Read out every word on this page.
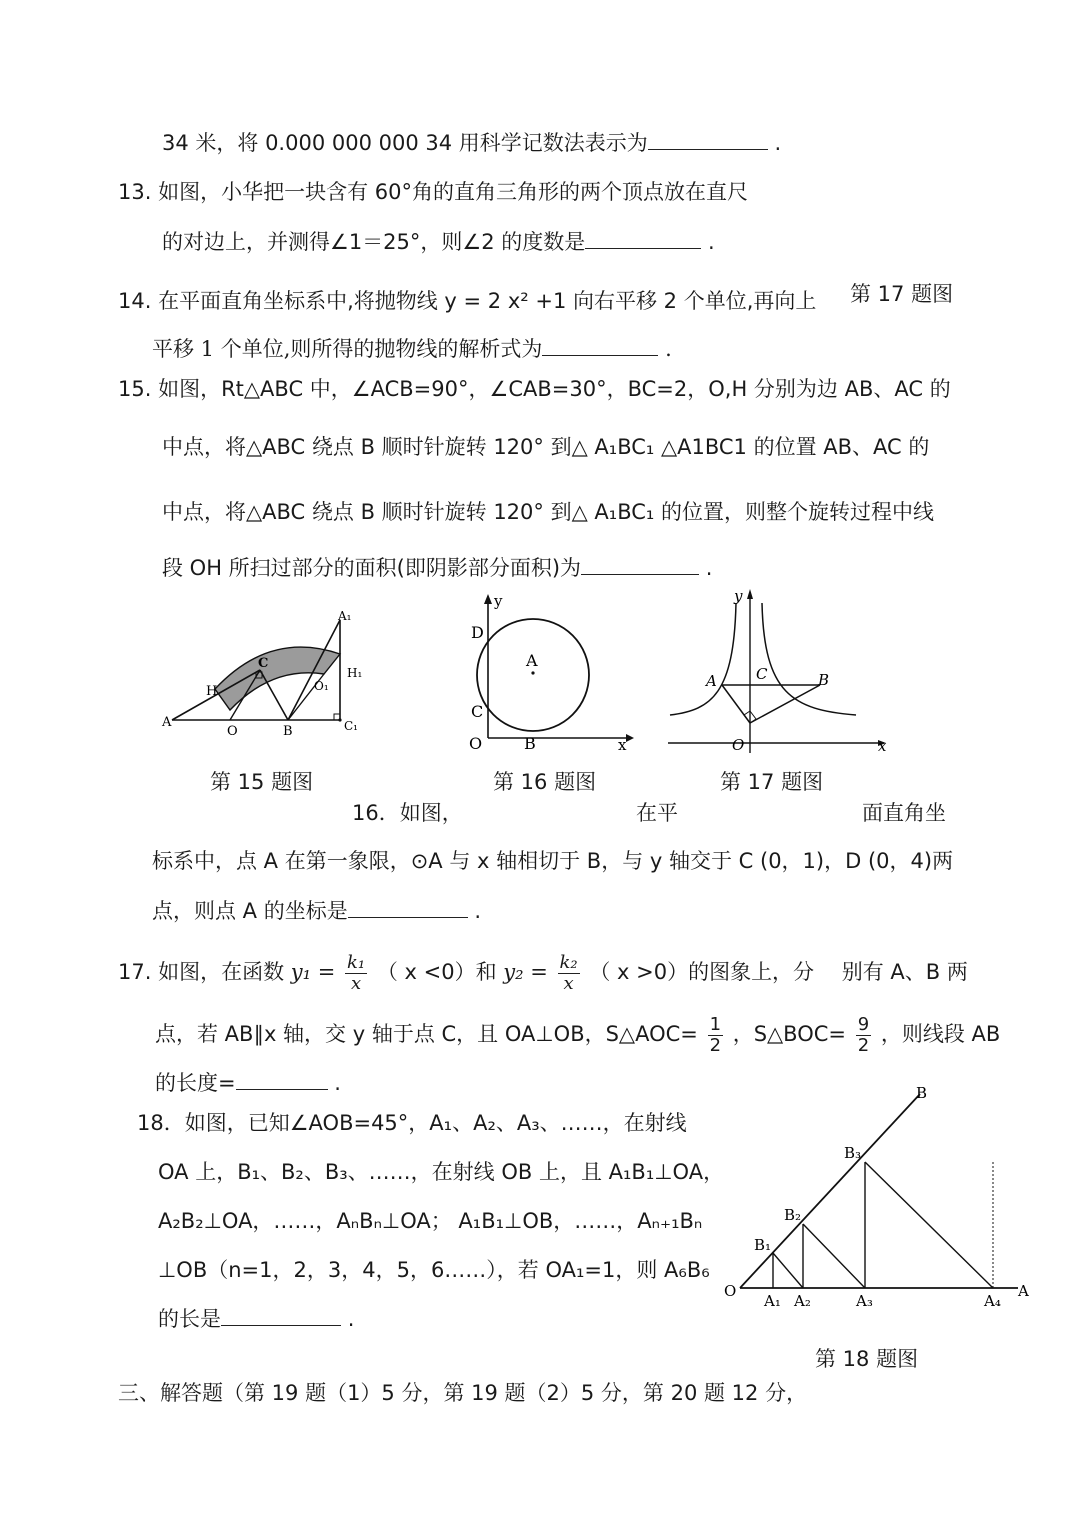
34 米，将 0.000 000 000 34 用科学记数法表示为	.
13. 如图，小华把一块含有 60°角的直角三角形的两个顶点放在直尺
的对边上，并测得∠1＝25°，则∠2 的度数是	.
14. 在平面直角坐标系中,将抛物线 y = 2 x² +1 向右平移 2 个单位,再向上 第 17 题图
平移 1 个单位,则所得的抛物线的解析式为	.
15. 如图，Rt△ABC 中，∠ACB=90°，∠CAB=30°，BC=2，O,H 分别为边 AB、AC 的
中点，将△ABC 绕点 B 顺时针旋转 120° 到△ A₁BC₁ △A1BC1 的位置 AB、AC 的
中点，将△ABC 绕点 B 顺时针旋转 120° 到△ A₁BC₁ 的位置，则整个旋转过程中线
段 OH 所扫过部分的面积(即阴影部分面积)为	.
A
H
C
O	B
A₁
H₁
O₁
C₁
第 15 题图
y
D
A
C
O	B	x
第 16 题图
y
A	C	B
O	x
第 17 题图
16．如图，	在平	面直角坐
标系中，点 A 在第一象限，⊙A 与 x 轴相切于 B，与 y 轴交于 C (0，1)，D (0，4)两
点，则点 A 的坐标是	.
17. 如图，在函数 $y_1 = \frac{\text{k₁}}{x}$ （ x <0）和 $y_2 = \frac{\text{k₂}}{x}$ （ x >0）的图象上，分　 别有 A、B 两
点，若 AB∥x 轴，交 y 轴于点 C，且 OA⊥OB，S△AOC= $\frac{1}{2}$ ，S△BOC= $\frac{9}{2}$ ，则线段 AB
的长度=	.
18．如图，已知∠AOB=45°，A₁、A₂、A₃、……，在射线
OA 上，B₁、B₂、B₃、……，在射线 OB 上，且 A₁B₁⊥OA，
A₂B₂⊥OA，……，AₙBₙ⊥OA； A₁B₁⊥OB，……，Aₙ₊₁Bₙ
⊥OB（n=1，2，3，4，5，6……），若 OA₁=1，则 A₆B₆
的长是	.
B
B₃
B₂
B₁
O
A₁ A₂	A₃	A₄
A
第 18 题图
三、解答题（第 19 题（1）5 分，第 19 题（2）5 分，第 20 题 12 分，
